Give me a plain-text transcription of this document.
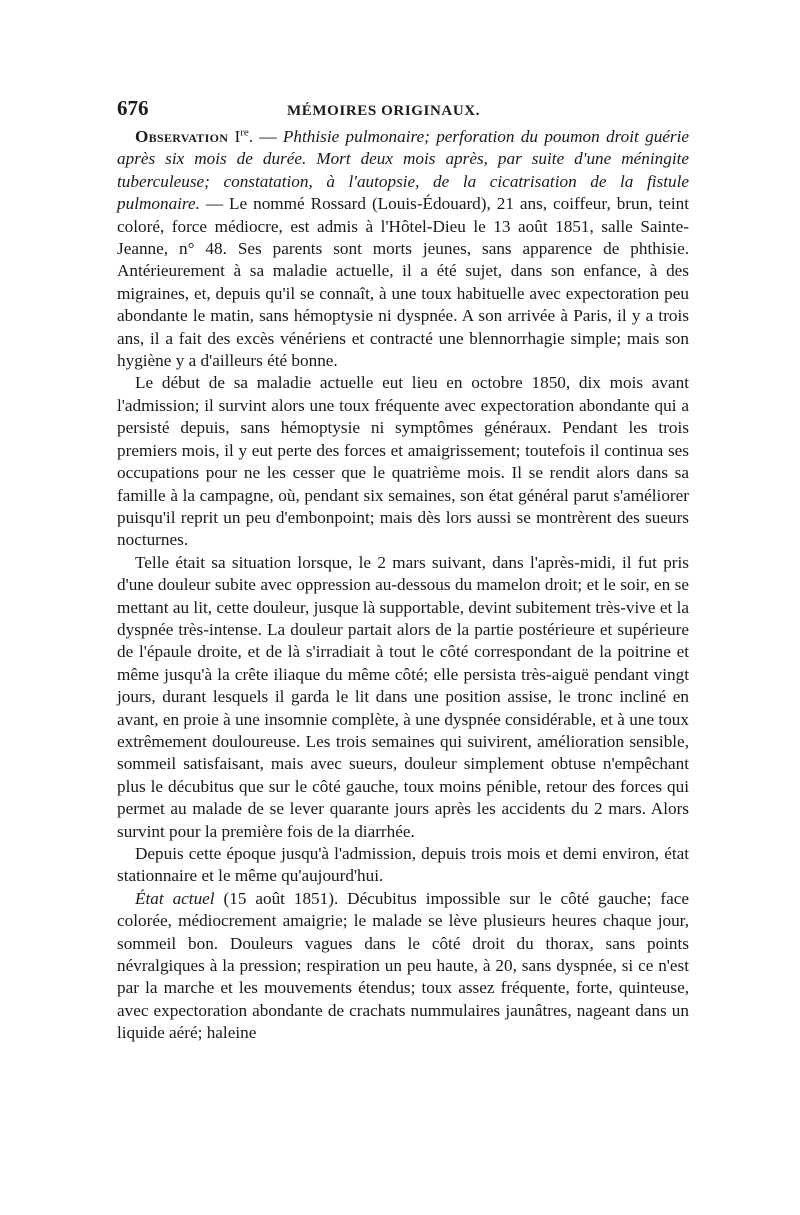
676	MÉMOIRES ORIGINAUX.

Observation Ire. — Phthisie pulmonaire; perforation du poumon droit guérie après six mois de durée. Mort deux mois après, par suite d'une méningite tuberculeuse; constatation, à l'autopsie, de la cicatrisation de la fistule pulmonaire. — Le nommé Rossard (Louis-Édouard), 21 ans, coiffeur, brun, teint coloré, force médiocre, est admis à l'Hôtel-Dieu le 13 août 1851, salle Sainte-Jeanne, n° 48. Ses parents sont morts jeunes, sans apparence de phthisie. Antérieurement à sa maladie actuelle, il a été sujet, dans son enfance, à des migraines, et, depuis qu'il se connaît, à une toux habituelle avec expectoration peu abondante le matin, sans hémoptysie ni dyspnée. A son arrivée à Paris, il y a trois ans, il a fait des excès vénériens et contracté une blennorrhagie simple; mais son hygiène y a d'ailleurs été bonne.

Le début de sa maladie actuelle eut lieu en octobre 1850, dix mois avant l'admission; il survint alors une toux fréquente avec expectoration abondante qui a persisté depuis, sans hémoptysie ni symptômes généraux. Pendant les trois premiers mois, il y eut perte des forces et amaigrissement; toutefois il continua ses occupations pour ne les cesser que le quatrième mois. Il se rendit alors dans sa famille à la campagne, où, pendant six semaines, son état général parut s'améliorer puisqu'il reprit un peu d'embonpoint; mais dès lors aussi se montrèrent des sueurs nocturnes.

Telle était sa situation lorsque, le 2 mars suivant, dans l'après-midi, il fut pris d'une douleur subite avec oppression au-dessous du mamelon droit; et le soir, en se mettant au lit, cette douleur, jusque là supportable, devint subitement très-vive et la dyspnée très-intense. La douleur partait alors de la partie postérieure et supérieure de l'épaule droite, et de là s'irradiait à tout le côté correspondant de la poitrine et même jusqu'à la crête iliaque du même côté; elle persista très-aiguë pendant vingt jours, durant lesquels il garda le lit dans une position assise, le tronc incliné en avant, en proie à une insomnie complète, à une dyspnée considérable, et à une toux extrêmement douloureuse. Les trois semaines qui suivirent, amélioration sensible, sommeil satisfaisant, mais avec sueurs, douleur simplement obtuse n'empêchant plus le décubitus que sur le côté gauche, toux moins pénible, retour des forces qui permet au malade de se lever quarante jours après les accidents du 2 mars. Alors survint pour la première fois de la diarrhée.

Depuis cette époque jusqu'à l'admission, depuis trois mois et demi environ, état stationnaire et le même qu'aujourd'hui.

État actuel (15 août 1851). Décubitus impossible sur le côté gauche; face colorée, médiocrement amaigrie; le malade se lève plusieurs heures chaque jour, sommeil bon. Douleurs vagues dans le côté droit du thorax, sans points névralgiques à la pression; respiration un peu haute, à 20, sans dyspnée, si ce n'est par la marche et les mouvements étendus; toux assez fréquente, forte, quinteuse, avec expectoration abondante de crachats nummulaires jaunâtres, nageant dans un liquide aéré; haleine
